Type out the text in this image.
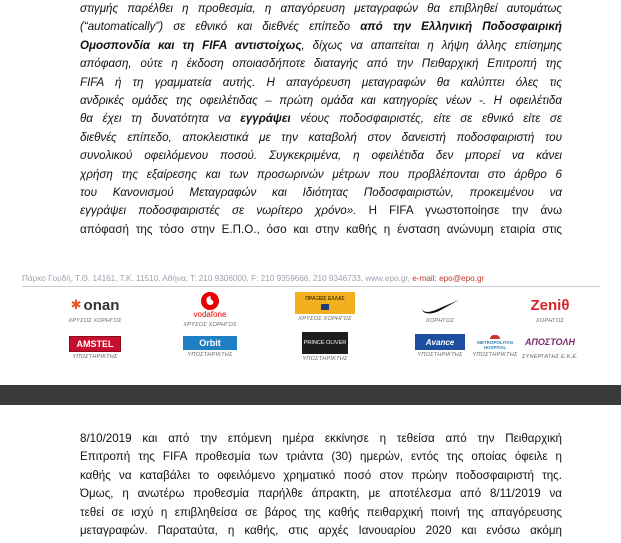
στιγμής παρέλθει η προθεσμία, η απαγόρευση μεταγραφών θα επιβληθεί αυτομάτως
(“automatically”) σε εθνικό και διεθνές επίπεδο από την Ελληνική Ποδοσφαιρική
Ομοσπονδία και τη FIFA αντιστοίχως, δίχως να απαιτείται η λήψη άλλης επίσημης
απόφαση, ούτε η έκδοση οποιασδήποτε διαταγής από την Πειθαρχική Επιτροπή της
FIFA ή τη γραμματεία αυτής. Η απαγόρευση μεταγραφών θα καλύπτει όλες τις
ανδρικές ομάδες της οφειλέτιδας – πρώτη ομάδα και κατηγορίες νέων -. Η οφειλέτιδα
θα έχει τη δυνατότητα να εγγράψει νέους ποδοσφαιριστές, είτε σε εθνικό είτε σε
διεθνές επίπεδο, αποκλειστικά με την καταβολή στον δανειστή ποδοσφαιριστή του
συνολικού οφειλόμενου ποσού. Συγκεκριμένα, η οφειλέτιδα δεν μπορεί να κάνει
χρήση της εξαίρεσης και των προσωρινών μέτρων που προβλέπονται στο άρθρο 6
του Κανονισμού Μεταγραφών και Ιδιότητας Ποδοσφαιριστών, προκειμένου να
εγγράψει ποδοσφαιριστές σε νωρίτερο χρόνο». Η FIFA γνωστοποίησε την άνω
απόφασή της τόσο στην Ε.Π.Ο., όσο και στην καθής η ένσταση ανώνυμη εταιρία στις
Πάρκο Γουδή, Τ.Θ. 14161, Τ.Κ. 11510, Αθήνα, Τ: 210 9306000, F: 210 9359666, 210 9346733, www.epo.gr, e-mail: epo@epo.gr
✱ onan
ΧΡΥΣΟΣ ΧΟΡΗΓΟΣ
vodafone
ΧΡΥΣΟΣ ΧΟΡΗΓΟΣ
ΠΡΑΞΕΙΣ ΕΛΛΑΣ
ΧΡΥΣΟΣ ΧΟΡΗΓΟΣ	ΧΟΡΗΓΟΣ
Zeniθ
ΧΟΡΗΓΟΣ
AMSTEL
ΥΠΟΣΤΗΡΙΚΤΗΣ
Orbit
ΥΠΟΣΤΗΡΙΚΤΗΣ
PRINCE OLIVER
ΥΠΟΣΤΗΡΙΚΤΗΣ
Avance
ΥΠΟΣΤΗΡΙΚΤΗΣ
METROPOLITAN HOSPITAL
ΥΠΟΣΤΗΡΙΚΤΗΣ
ΑΠΟΣΤΟΛΗ
ΣΥΝΕΡΓΑΤΗΣ Ε.Κ.Ε.
8/10/2019 και από την επόμενη ημέρα εκκίνησε η τεθείσα από την Πειθαρχική
Επιτροπή της FIFA προθεσμία των τριάντα (30) ημερών, εντός της οποίας όφειλε η
καθής να καταβάλει το οφειλόμενο χρηματικό ποσό στον πρώην ποδοσφαιριστή της.
Όμως, η ανωτέρω προθεσμία παρήλθε άπρακτη, με αποτέλεσμα από 8/11/2019 να
τεθεί σε ισχύ η επιβληθείσα σε βάρος της καθής πειθαρχική ποινή της απαγόρευσης
μεταγραφών. Παραταύτα, η καθής, στις αρχές Ιανουαρίου 2020 και ενόσω ακόμη
